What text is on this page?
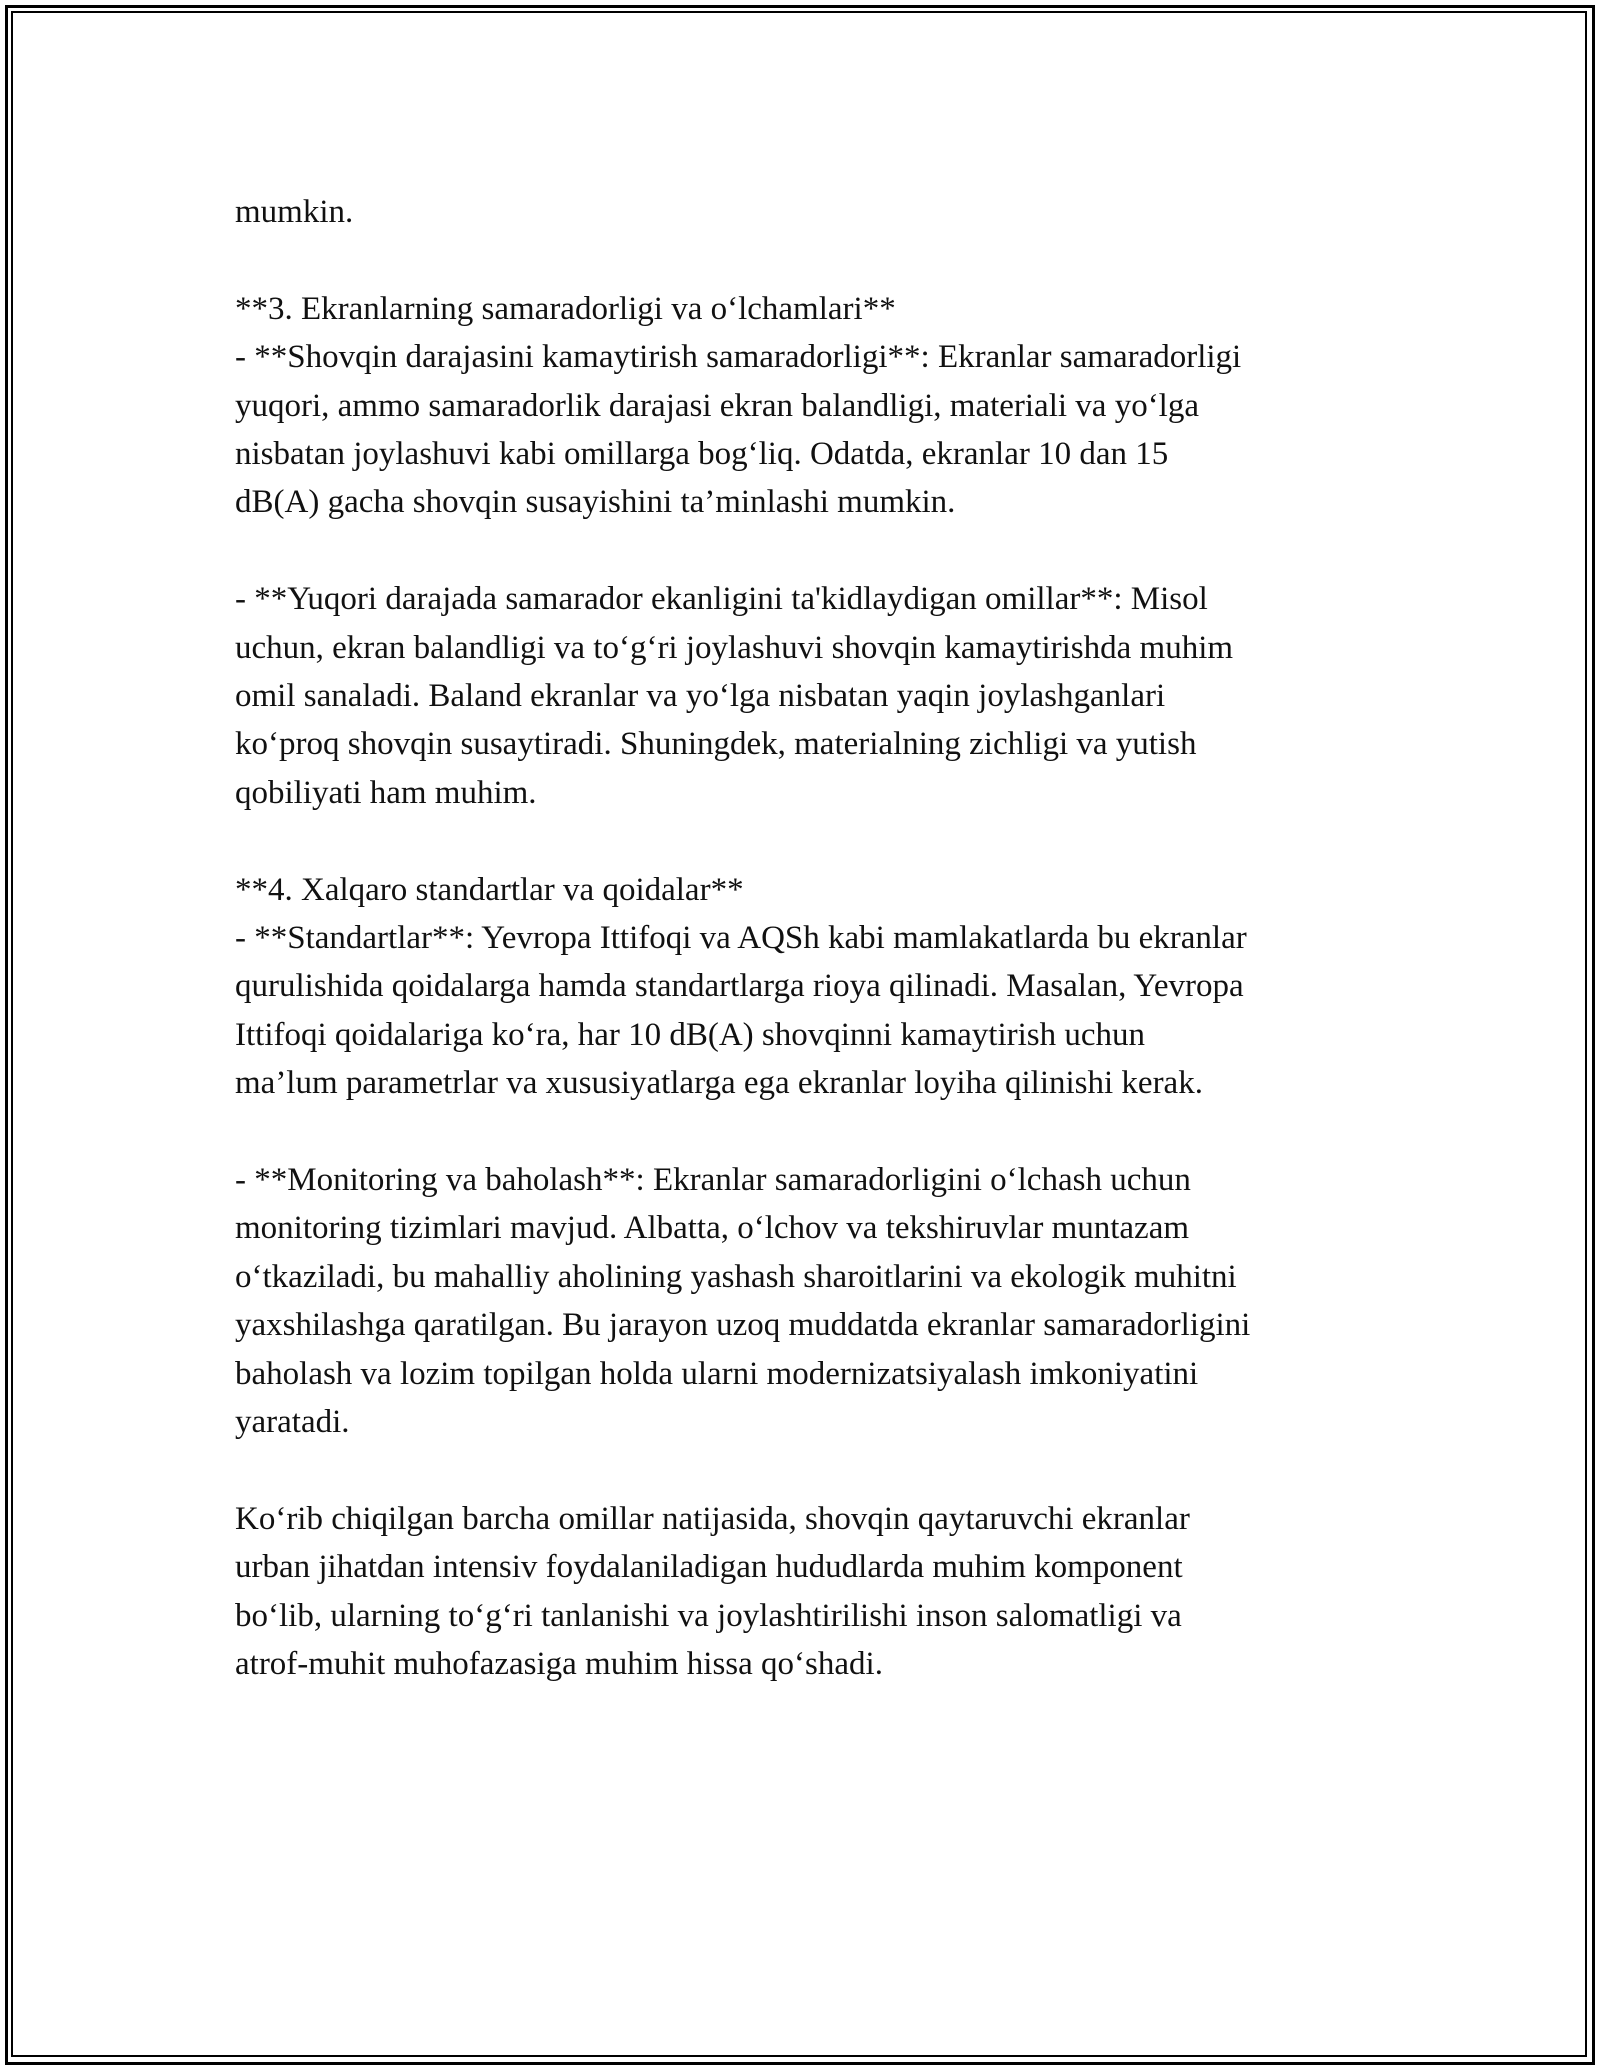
mumkin.

**3. Ekranlarning samaradorligi va o‘lchamlari**
- **Shovqin darajasini kamaytirish samaradorligi**: Ekranlar samaradorligi
yuqori, ammo samaradorlik darajasi ekran balandligi, materiali va yo‘lga
nisbatan joylashuvi kabi omillarga bog‘liq. Odatda, ekranlar 10 dan 15
dB(A) gacha shovqin susayishini ta’minlashi mumkin.

- **Yuqori darajada samarador ekanligini ta'kidlaydigan omillar**: Misol
uchun, ekran balandligi va to‘g‘ri joylashuvi shovqin kamaytirishda muhim
omil sanaladi. Baland ekranlar va yo‘lga nisbatan yaqin joylashganlari
ko‘proq shovqin susaytiradi. Shuningdek, materialning zichligi va yutish
qobiliyati ham muhim.

**4. Xalqaro standartlar va qoidalar**
- **Standartlar**: Yevropa Ittifoqi va AQSh kabi mamlakatlarda bu ekranlar
qurulishida qoidalarga hamda standartlarga rioya qilinadi. Masalan, Yevropa
Ittifoqi qoidalariga ko‘ra, har 10 dB(A) shovqinni kamaytirish uchun
ma’lum parametrlar va xususiyatlarga ega ekranlar loyiha qilinishi kerak.

- **Monitoring va baholash**: Ekranlar samaradorligini o‘lchash uchun
monitoring tizimlari mavjud. Albatta, o‘lchov va tekshiruvlar muntazam
o‘tkaziladi, bu mahalliy aholining yashash sharoitlarini va ekologik muhitni
yaxshilashga qaratilgan. Bu jarayon uzoq muddatda ekranlar samaradorligini
baholash va lozim topilgan holda ularni modernizatsiyalash imkoniyatini
yaratadi.

Ko‘rib chiqilgan barcha omillar natijasida, shovqin qaytaruvchi ekranlar
urban jihatdan intensiv foydalaniladigan hududlarda muhim komponent
bo‘lib, ularning to‘g‘ri tanlanishi va joylashtirilishi inson salomatligi va
atrof-muhit muhofazasiga muhim hissa qo‘shadi.
